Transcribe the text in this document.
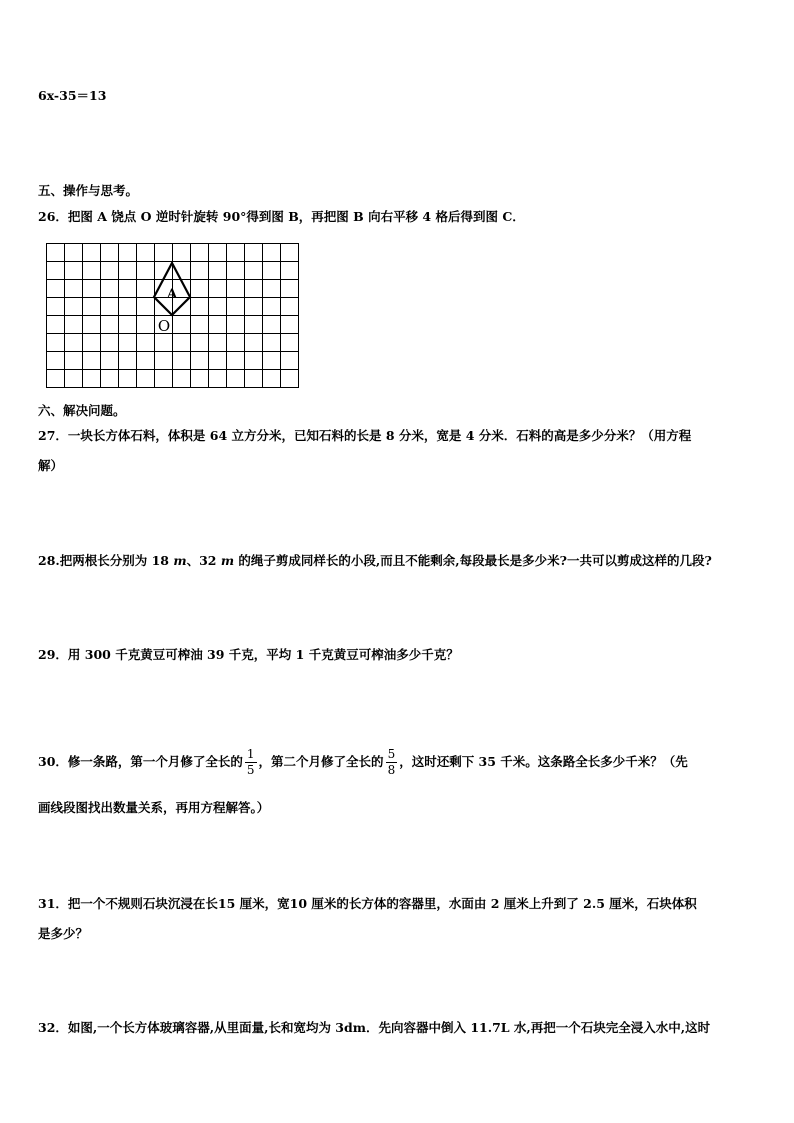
6x-35＝13
五、操作与思考。
26．把图 A 饶点 O 逆时针旋转 90°得到图 B，再把图 B 向右平移 4 格后得到图 C．
A
O
六、解决问题。
27．一块长方体石料，体积是 64 立方分米，已知石料的长是 8 分米，宽是 4 分米．石料的高是多少分米？（用方程
解）
28.把两根长分别为 18 m、32 m 的绳子剪成同样长的小段,而且不能剩余,每段最长是多少米?一共可以剪成这样的几段?
29．用 300 千克黄豆可榨油 39 千克，平均 1 千克黄豆可榨油多少千克？
30．修一条路，第一个月修了全长的 $\frac{1}{5}$ ，第二个月修了全长的 $\frac{5}{8}$ ，这时还剩下 35 千米。这条路全长多少千米？（先
画线段图找出数量关系，再用方程解答。）
31．把一个不规则石块沉浸在长15 厘米，宽10 厘米的长方体的容器里，水面由 2 厘米上升到了 2.5 厘米，石块体积
是多少？
32．如图,一个长方体玻璃容器,从里面量,长和宽均为 3dm．先向容器中倒入 11.7L 水,再把一个石块完全浸入水中,这时
